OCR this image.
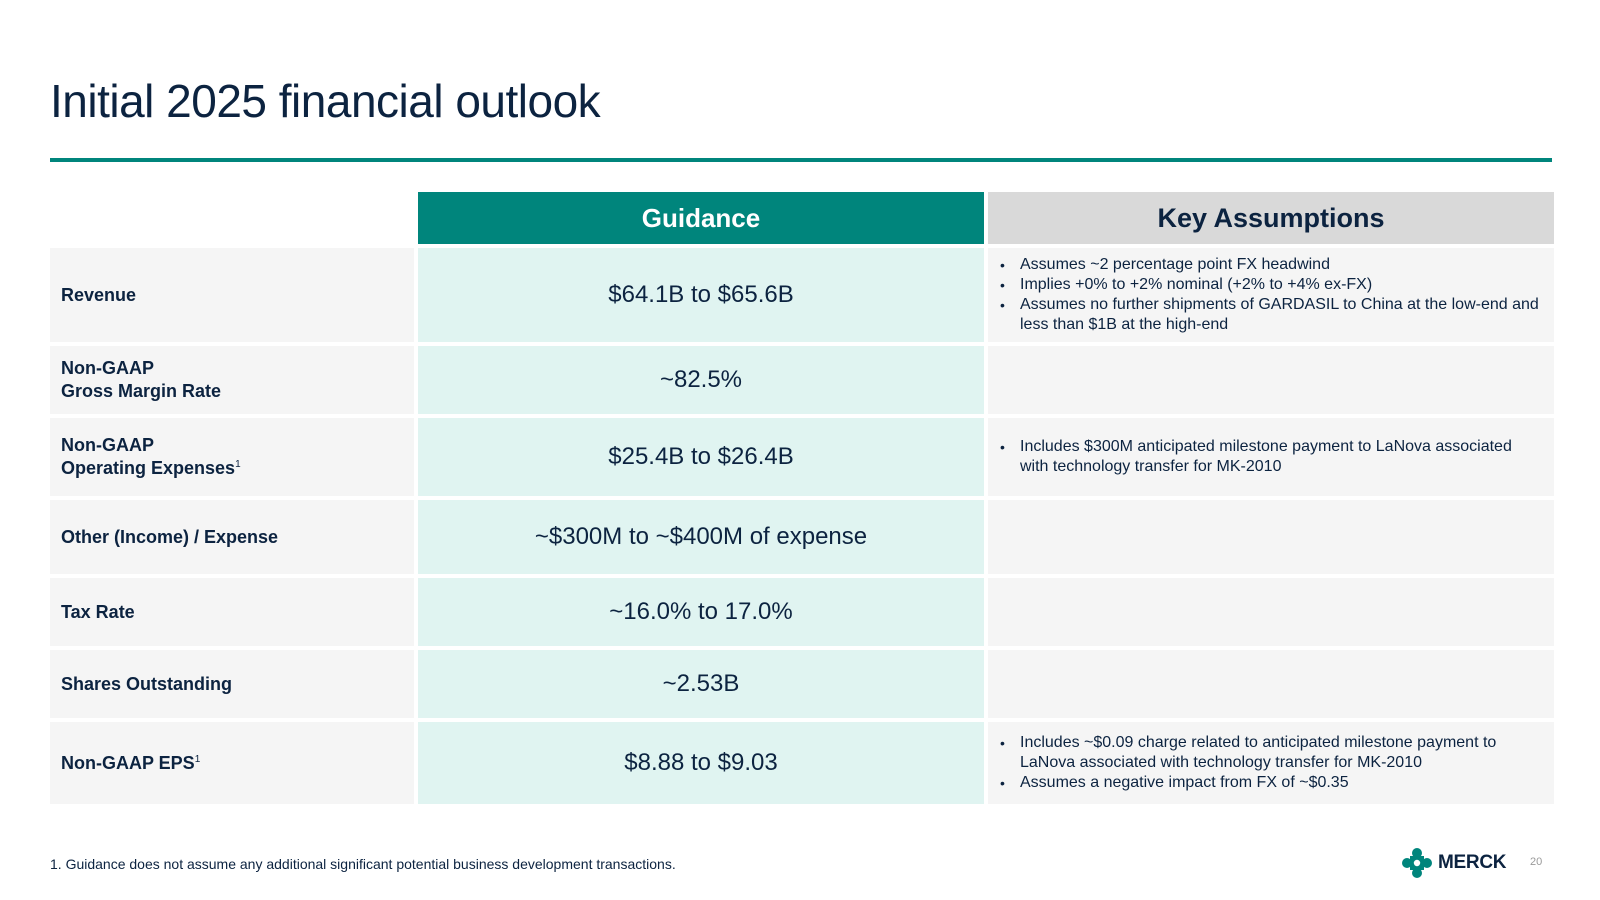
Initial 2025 financial outlook
Guidance	Key Assumptions
Revenue	$64.1B to $65.6B
• Assumes ~2 percentage point FX headwind
• Implies +0% to +2% nominal (+2% to +4% ex-FX)
• Assumes no further shipments of GARDASIL to China at the low-end and less than $1B at the high-end
Non-GAAP
Gross Margin Rate	~82.5%
Non-GAAP
Operating Expenses$^1$	$25.4B to $26.4B
•	Includes $300M anticipated milestone payment to LaNova associated with technology transfer for MK-2010
Other (Income) / Expense	~$300M to ~$400M of expense
Tax Rate	~16.0% to 17.0%
Shares Outstanding	~2.53B
Non-GAAP EPS$^1$	$8.88 to $9.03
• Includes ~$0.09 charge related to anticipated milestone payment to LaNova associated with technology transfer for MK-2010
• Assumes a negative impact from FX of ~$0.35
1. Guidance does not assume any additional significant potential business development transactions.	MERCK 20
